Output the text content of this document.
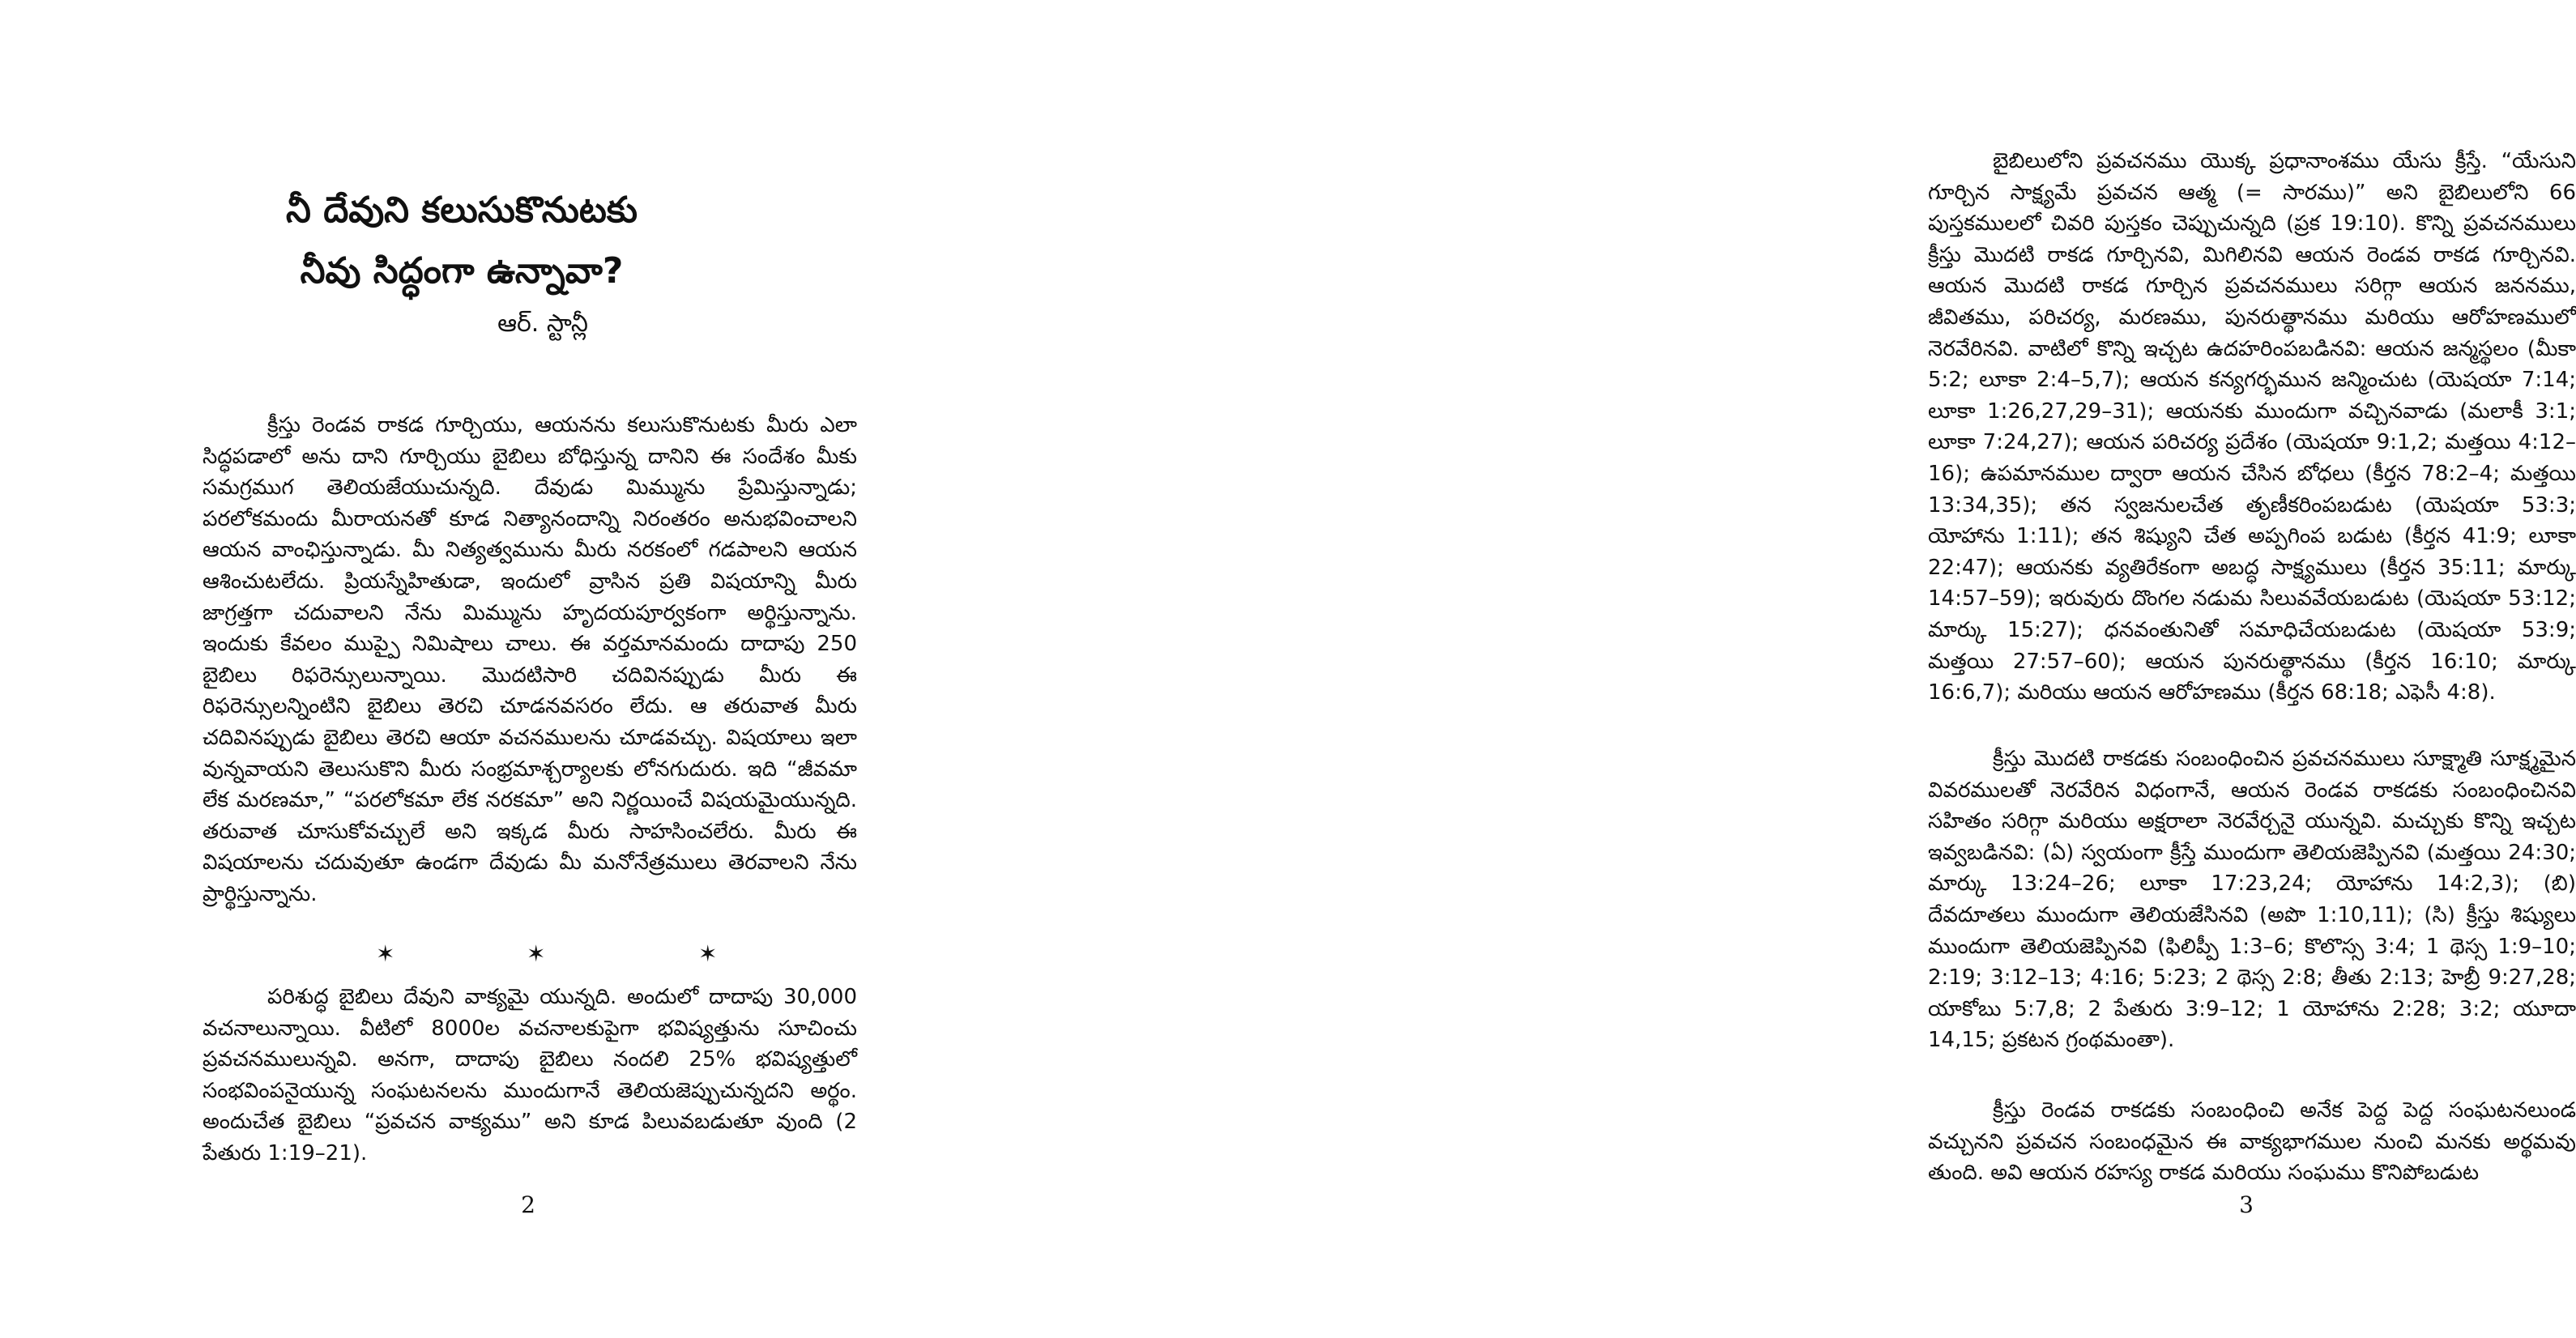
నీ దేవుని కలుసుకొనుటకు
నీవు సిద్ధంగా ఉన్నావా?
ఆర్. స్టాన్లీ

క్రీస్తు రెండవ రాకడ గూర్చియు, ఆయనను కలుసుకొనుటకు మీరు ఎలా సిద్ధపడాలో అను దాని గూర్చియు బైబిలు బోధిస్తున్న దానిని ఈ సందేశం మీకు సమగ్రముగ తెలియజేయుచున్నది. దేవుడు మిమ్మును ప్రేమిస్తున్నాడు; పరలోకమందు మీరాయనతో కూడ నిత్యానందాన్ని నిరంతరం అనుభవించాలని ఆయన వాంఛిస్తున్నాడు. మీ నిత్యత్వమును మీరు నరకంలో గడపాలని ఆయన ఆశించుటలేదు. ప్రియస్నేహితుడా, ఇందులో వ్రాసిన ప్రతి విషయాన్ని మీరు జాగ్రత్తగా చదువాలని నేను మిమ్మును హృదయపూర్వకంగా అర్థిస్తున్నాను. ఇందుకు కేవలం ముప్పై నిమిషాలు చాలు. ఈ వర్తమానమందు దాదాపు 250 బైబిలు రిఫరెన్సులున్నాయి. మొదటిసారి చదివినప్పుడు మీరు ఈ రిఫరెన్సులన్నింటిని బైబిలు తెరచి చూడనవసరం లేదు. ఆ తరువాత మీరు చదివినప్పుడు బైబిలు తెరచి ఆయా వచనములను చూడవచ్చు. విషయాలు ఇలా వున్నవాయని తెలుసుకొని మీరు సంభ్రమాశ్చర్యాలకు లోనగుదురు. ఇది “జీవమా లేక మరణమా,” “పరలోకమా లేక నరకమా” అని నిర్ణయించే విషయమైయున్నది. తరువాత చూసుకోవచ్చులే అని ఇక్కడ మీరు సాహసించలేరు. మీరు ఈ విషయాలను చదువుతూ ఉండగా దేవుడు మీ మనోనేత్రములు తెరవాలని నేను ప్రార్థిస్తున్నాను.

✶	✶	✶

పరిశుద్ధ బైబిలు దేవుని వాక్యమై యున్నది. అందులో దాదాపు 30,000 వచనాలున్నాయి. వీటిలో 8000ల వచనాలకుపైగా భవిష్యత్తును సూచించు ప్రవచనములున్నవి. అనగా, దాదాపు బైబిలు నందలి 25% భవిష్యత్తులో సంభవింపనైయున్న సంఘటనలను ముందుగానే తెలియజెప్పుచున్నదని అర్థం. అందుచేత బైబిలు “ప్రవచన వాక్యము” అని కూడ పిలువబడుతూ వుంది (2 పేతురు 1:19–21).

2

బైబిలులోని ప్రవచనము యొక్క ప్రధానాంశము యేసు క్రీస్తే. “యేసుని గూర్చిన సాక్ష్యమే ప్రవచన ఆత్మ (= సారము)” అని బైబిలులోని 66 పుస్తకములలో చివరి పుస్తకం చెప్పుచున్నది (ప్రక 19:10). కొన్ని ప్రవచనములు క్రీస్తు మొదటి రాకడ గూర్చినవి, మిగిలినవి ఆయన రెండవ రాకడ గూర్చినవి. ఆయన మొదటి రాకడ గూర్చిన ప్రవచనములు సరిగ్గా ఆయన జననము, జీవితము, పరిచర్య, మరణము, పునరుత్థానము మరియు ఆరోహణములో నెరవేరినవి. వాటిలో కొన్ని ఇచ్చట ఉదహరింపబడినవి: ఆయన జన్మస్థలం (మీకా 5:2; లూకా 2:4–5,7); ఆయన కన్యగర్భమున జన్మించుట (యెషయా 7:14; లూకా 1:26,27,29–31); ఆయనకు ముందుగా వచ్చినవాడు (మలాకీ 3:1; లూకా 7:24,27); ఆయన పరిచర్య ప్రదేశం (యెషయా 9:1,2; మత్తయి 4:12–16); ఉపమానముల ద్వారా ఆయన చేసిన బోధలు (కీర్తన 78:2–4; మత్తయి 13:34,35); తన స్వజనులచేత తృణీకరింపబడుట (యెషయా 53:3; యోహాను 1:11); తన శిష్యుని చేత అప్పగింప బడుట (కీర్తన 41:9; లూకా 22:47); ఆయనకు వ్యతిరేకంగా అబద్ధ సాక్ష్యములు (కీర్తన 35:11; మార్కు 14:57–59); ఇరువురు దొంగల నడుమ సిలువవేయబడుట (యెషయా 53:12; మార్కు 15:27); ధనవంతునితో సమాధిచేయబడుట (యెషయా 53:9; మత్తయి 27:57–60); ఆయన పునరుత్థానము (కీర్తన 16:10; మార్కు 16:6,7); మరియు ఆయన ఆరోహణము (కీర్తన 68:18; ఎఫెసీ 4:8).

క్రీస్తు మొదటి రాకడకు సంబంధించిన ప్రవచనములు సూక్ష్మాతి సూక్ష్మమైన వివరములతో నెరవేరిన విధంగానే, ఆయన రెండవ రాకడకు సంబంధించినవి సహితం సరిగ్గా మరియు అక్షరాలా నెరవేర్చనై యున్నవి. మచ్చుకు కొన్ని ఇచ్చట ఇవ్వబడినవి: (ఏ) స్వయంగా క్రీస్తే ముందుగా తెలియజెప్పినవి (మత్తయి 24:30; మార్కు 13:24–26; లూకా 17:23,24; యోహాను 14:2,3); (బి) దేవదూతలు ముందుగా తెలియజేసినవి (అపొ 1:10,11); (సి) క్రీస్తు శిష్యులు ముందుగా తెలియజెప్పినవి (ఫిలిప్పీ 1:3–6; కొలొస్స 3:4; 1 థెస్స 1:9–10; 2:19; 3:12–13; 4:16; 5:23; 2 థెస్స 2:8; తీతు 2:13; హెబ్రీ 9:27,28; యాకోబు 5:7,8; 2 పేతురు 3:9–12; 1 యోహాను 2:28; 3:2; యూదా 14,15; ప్రకటన గ్రంథమంతా).

క్రీస్తు రెండవ రాకడకు సంబంధించి అనేక పెద్ద పెద్ద సంఘటనలుండ వచ్చునని ప్రవచన సంబంధమైన ఈ వాక్యభాగముల నుంచి మనకు అర్థమవు తుంది. అవి ఆయన రహస్య రాకడ మరియు సంఘము కొనిపోబడుట

3
